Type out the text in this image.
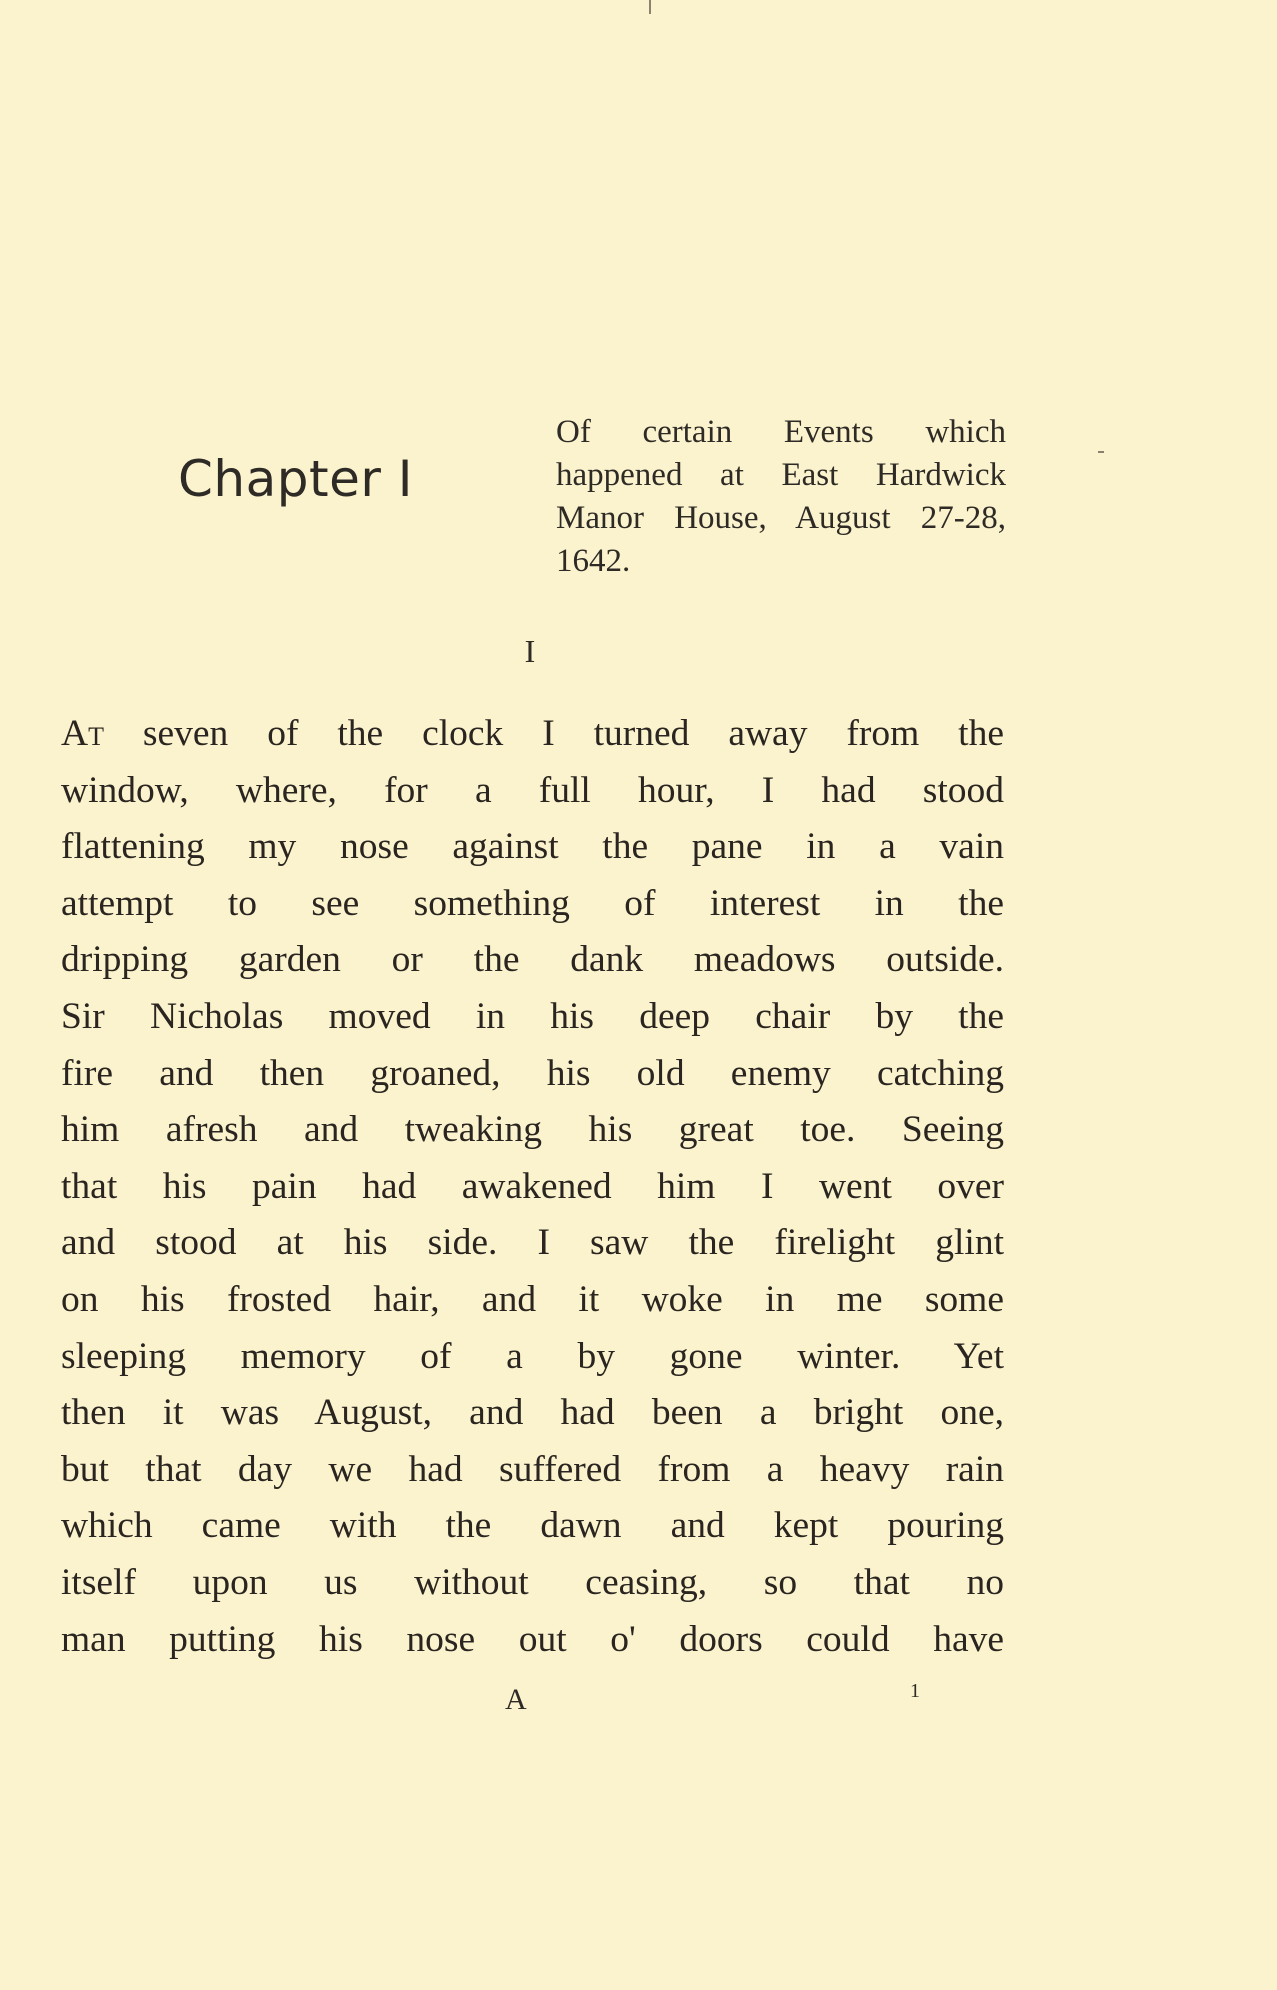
Chapter I
Of certain Events which
happened at East Hardwick
Manor House, August 27-28,
1642.
I
At seven of the clock I turned away from the
window, where, for a full hour, I had stood
flattening my nose against the pane in a vain
attempt to see something of interest in the
dripping garden or the dank meadows outside.
Sir Nicholas moved in his deep chair by the
fire and then groaned, his old enemy catching
him afresh and tweaking his great toe. Seeing
that his pain had awakened him I went over
and stood at his side. I saw the firelight glint
on his frosted hair, and it woke in me some
sleeping memory of a by gone winter. Yet
then it was August, and had been a bright one,
but that day we had suffered from a heavy rain
which came with the dawn and kept pouring
itself upon us without ceasing, so that no
man putting his nose out o' doors could have
A	1
